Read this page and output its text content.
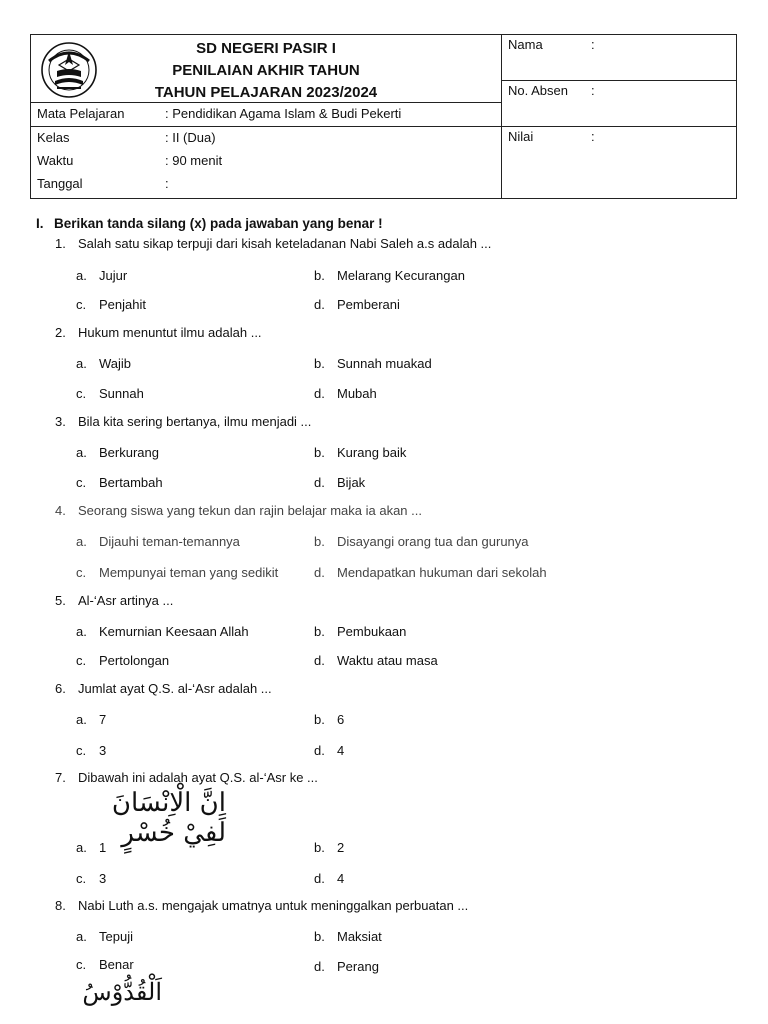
SD NEGERI PASIR I
PENILAIAN AKHIR TAHUN
TAHUN PELAJARAN 2023/2024
Mata Pelajaran	: Pendidikan Agama Islam & Budi Pekerti
Kelas	: II (Dua)
Waktu	: 90 menit
Tanggal	:
Nama	:
No. Absen :
Nilai	:
I. Berikan tanda silang (x) pada jawaban yang benar !
1. Salah satu sikap terpuji dari kisah keteladanan Nabi Saleh a.s adalah ...
a. Jujur	b. Melarang Kecurangan
c. Penjahit	d. Pemberani
2. Hukum menuntut ilmu adalah ...
a. Wajib	b. Sunnah muakad
c. Sunnah	d. Mubah
3. Bila kita sering bertanya, ilmu menjadi ...
a. Berkurang	b. Kurang baik
c. Bertambah	d. Bijak
4. Seorang siswa yang tekun dan rajin belajar maka ia akan ...
a. Dijauhi teman-temannya	b. Disayangi orang tua dan gurunya
c. Mempunyai teman yang sedikit	d. Mendapatkan hukuman dari sekolah
5. Al-‘Asr artinya ...
a. Kemurnian Keesaan Allah	b. Pembukaan
c. Pertolongan	d. Waktu atau masa
6. Jumlat ayat Q.S. al-‘Asr adalah ...
a. 7	b. 6
c. 3	d. 4
7. Dibawah ini adalah ayat Q.S. al-‘Asr ke ...
اِنَّ الْاِنْسَانَ لَفِيْ خُسْرٍ
a. 1	b. 2
c. 3	d. 4
8. Nabi Luth a.s. mengajak umatnya untuk meninggalkan perbuatan ...
a. Tepuji	b. Maksiat
c. Benar	d. Perang
اَلْقُدُّوْسُ
